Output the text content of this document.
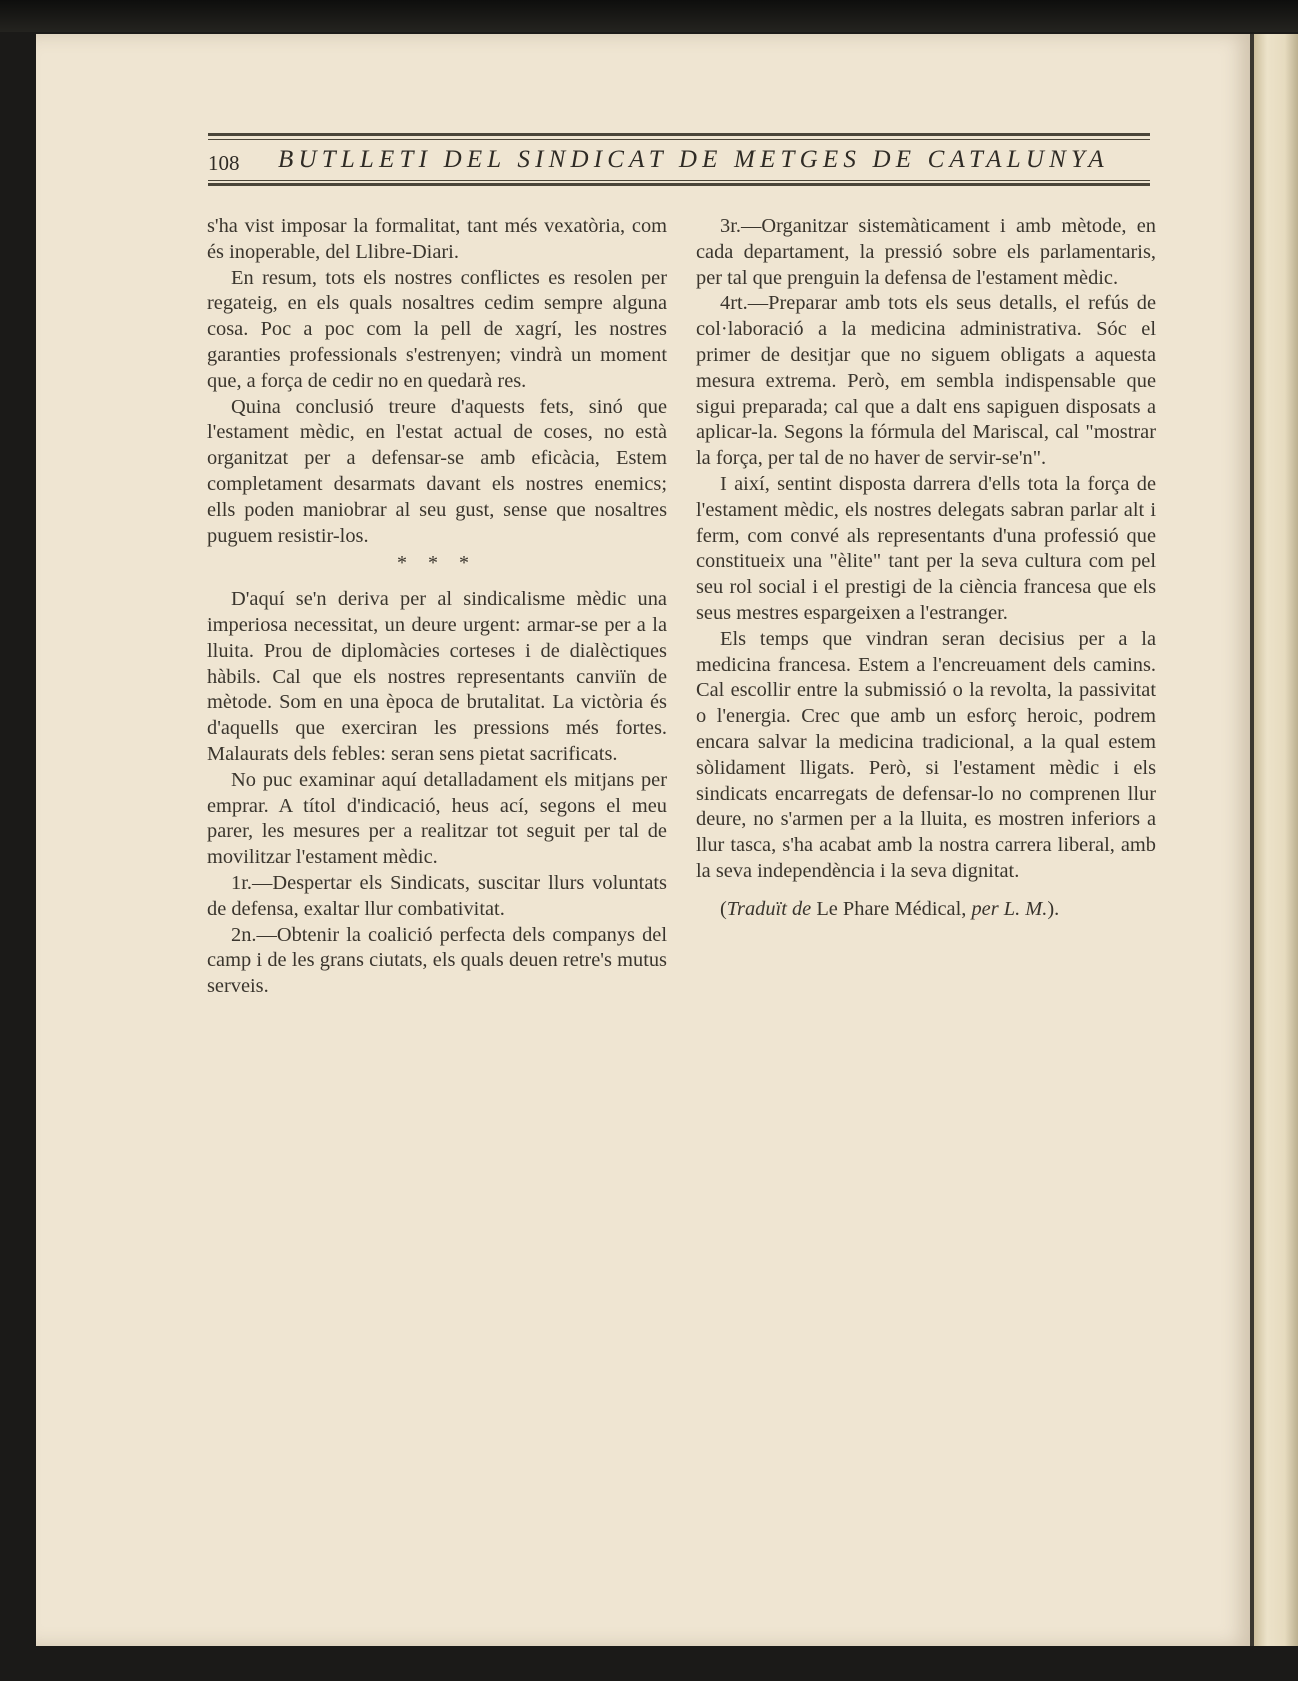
108 BUTLLETI DEL SINDICAT DE METGES DE CATALUNYA

s'ha vist imposar la formalitat, tant més vexatòria, com és inoperable, del Llibre-Diari.

En resum, tots els nostres conflictes es resolen per regateig, en els quals nosaltres cedim sempre alguna cosa. Poc a poc com la pell de xagrí, les nostres garanties professionals s'estrenyen; vindrà un moment que, a força de cedir no en quedarà res.

Quina conclusió treure d'aquests fets, sinó que l'estament mèdic, en l'estat actual de coses, no està organitzat per a defensar-se amb eficàcia, Estem completament desarmats davant els nostres enemics; ells poden maniobrar al seu gust, sense que nosaltres puguem resistir-los.

* * *

D'aquí se'n deriva per al sindicalisme mèdic una imperiosa necessitat, un deure urgent: armar-se per a la lluita. Prou de diplomàcies corteses i de dialèctiques hàbils. Cal que els nostres representants canviïn de mètode. Som en una època de brutalitat. La victòria és d'aquells que exerciran les pressions més fortes. Malaurats dels febles: seran sens pietat sacrificats.

No puc examinar aquí detalladament els mitjans per emprar. A títol d'indicació, heus ací, segons el meu parer, les mesures per a realitzar tot seguit per tal de movilitzar l'estament mèdic.

1r.—Despertar els Sindicats, suscitar llurs voluntats de defensa, exaltar llur combativitat.

2n.—Obtenir la coalició perfecta dels companys del camp i de les grans ciutats, els quals deuen retre's mutus serveis.

3r.—Organitzar sistemàticament i amb mètode, en cada departament, la pressió sobre els parlamentaris, per tal que prenguin la defensa de l'estament mèdic.

4rt.—Preparar amb tots els seus detalls, el refús de col·laboració a la medicina administrativa. Sóc el primer de desitjar que no siguem obligats a aquesta mesura extrema. Però, em sembla indispensable que sigui preparada; cal que a dalt ens sapiguen disposats a aplicar-la. Segons la fórmula del Mariscal, cal "mostrar la força, per tal de no haver de servir-se'n".

I així, sentint disposta darrera d'ells tota la força de l'estament mèdic, els nostres delegats sabran parlar alt i ferm, com convé als representants d'una professió que constitueix una "èlite" tant per la seva cultura com pel seu rol social i el prestigi de la ciència francesa que els seus mestres espargeixen a l'estranger.

Els temps que vindran seran decisius per a la medicina francesa. Estem a l'encreuament dels camins. Cal escollir entre la submissió o la revolta, la passivitat o l'energia. Crec que amb un esforç heroic, podrem encara salvar la medicina tradicional, a la qual estem sòlidament lligats. Però, si l'estament mèdic i els sindicats encarregats de defensar-lo no comprenen llur deure, no s'armen per a la lluita, es mostren inferiors a llur tasca, s'ha acabat amb la nostra carrera liberal, amb la seva independència i la seva dignitat.

(Traduït de Le Phare Médical, per L. M.).
